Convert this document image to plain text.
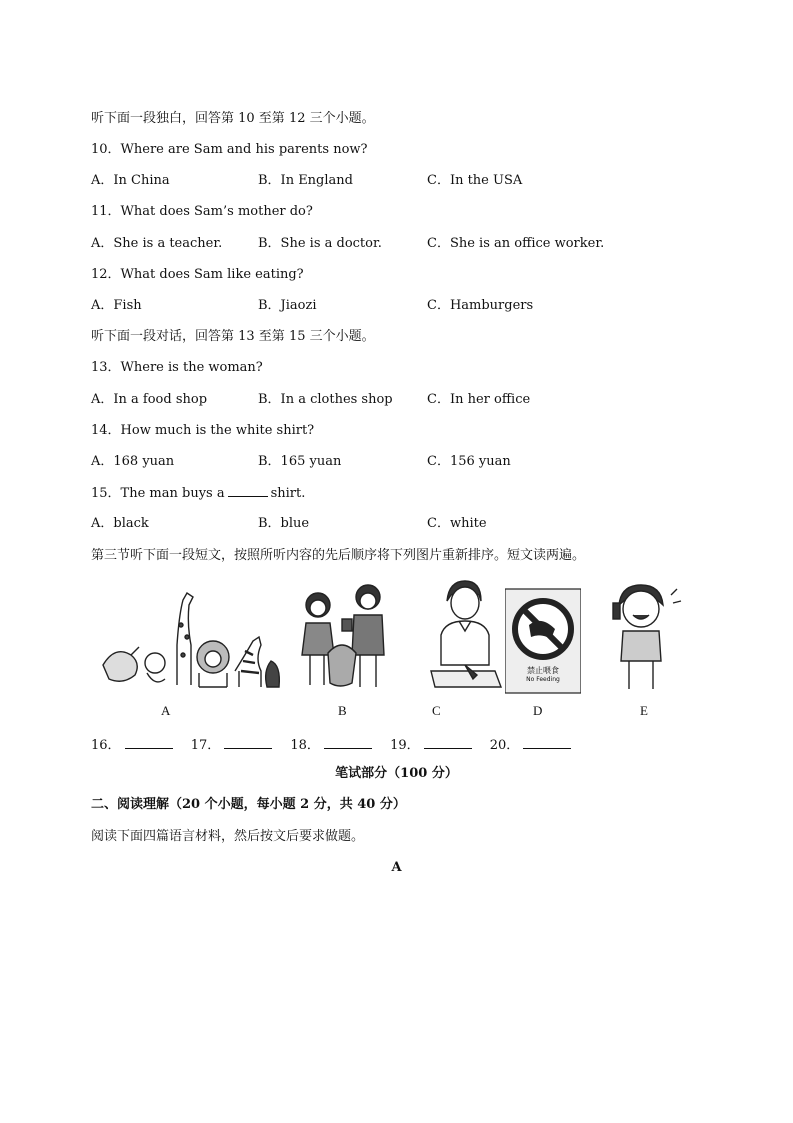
听下面一段独白，回答第 10 至第 12 三个小题。
10．Where are Sam and his parents now?
A．In China	B．In England	C．In the USA
11．What does Sam’s mother do?
A．She is a teacher.	B．She is a doctor.	C．She is an office worker.
12．What does Sam like eating?
A．Fish	B．Jiaozi	C．Hamburgers
听下面一段对话，回答第 13 至第 15 三个小题。
13．Where is the woman?
A．In a food shop	B．In a clothes shop	C．In her office
14．How much is the white shirt?
A．168 yuan	B．165 yuan	C．156 yuan
15．The man buys a	shirt.
A．black	B．blue	C．white
第三节听下面一段短文，按照所听内容的先后顺序将下列图片重新排序。短文读两遍。
禁止喂食
No Feeding
A	B	C	D	E
16．	17．	18．	19．	20．
笔试部分（100 分）
二、阅读理解（20 个小题，每小题 2 分，共 40 分）
阅读下面四篇语言材料，然后按文后要求做题。
A
